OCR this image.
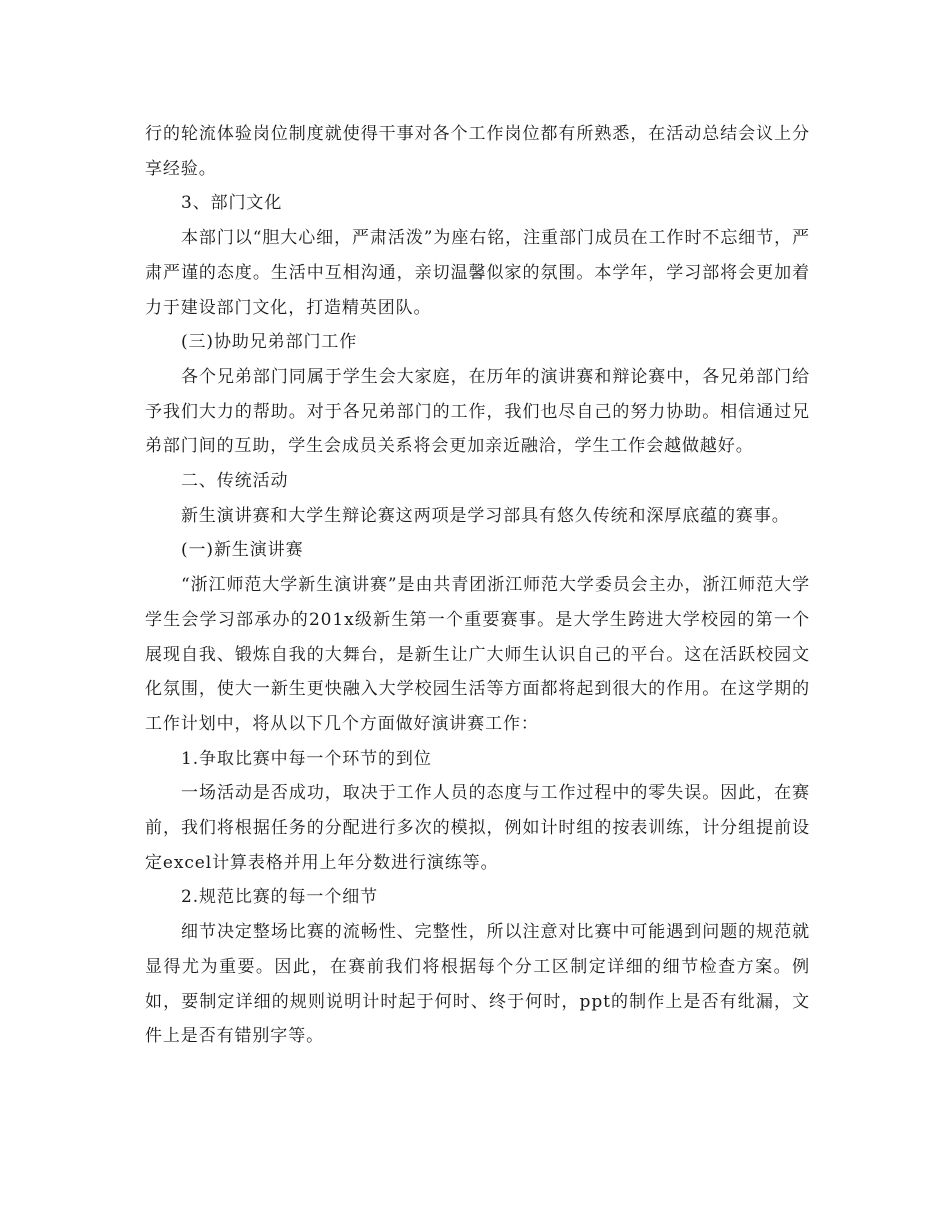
行的轮流体验岗位制度就使得干事对各个工作岗位都有所熟悉，在活动总结会议上分享经验。

3、部门文化

本部门以“胆大心细，严肃活泼”为座右铭，注重部门成员在工作时不忘细节，严肃严谨的态度。生活中互相沟通，亲切温馨似家的氛围。本学年，学习部将会更加着力于建设部门文化，打造精英团队。

(三)协助兄弟部门工作

各个兄弟部门同属于学生会大家庭，在历年的演讲赛和辩论赛中，各兄弟部门给予我们大力的帮助。对于各兄弟部门的工作，我们也尽自己的努力协助。相信通过兄弟部门间的互助，学生会成员关系将会更加亲近融洽，学生工作会越做越好。

二、传统活动

新生演讲赛和大学生辩论赛这两项是学习部具有悠久传统和深厚底蕴的赛事。

(一)新生演讲赛

“浙江师范大学新生演讲赛”是由共青团浙江师范大学委员会主办，浙江师范大学学生会学习部承办的201x级新生第一个重要赛事。是大学生跨进大学校园的第一个展现自我、锻炼自我的大舞台，是新生让广大师生认识自己的平台。这在活跃校园文化氛围，使大一新生更快融入大学校园生活等方面都将起到很大的作用。在这学期的工作计划中，将从以下几个方面做好演讲赛工作：

1.争取比赛中每一个环节的到位

一场活动是否成功，取决于工作人员的态度与工作过程中的零失误。因此，在赛前，我们将根据任务的分配进行多次的模拟，例如计时组的按表训练，计分组提前设定excel计算表格并用上年分数进行演练等。

2.规范比赛的每一个细节

细节决定整场比赛的流畅性、完整性，所以注意对比赛中可能遇到问题的规范就显得尤为重要。因此，在赛前我们将根据每个分工区制定详细的细节检查方案。例如，要制定详细的规则说明计时起于何时、终于何时，ppt的制作上是否有纰漏，文件上是否有错别字等。
